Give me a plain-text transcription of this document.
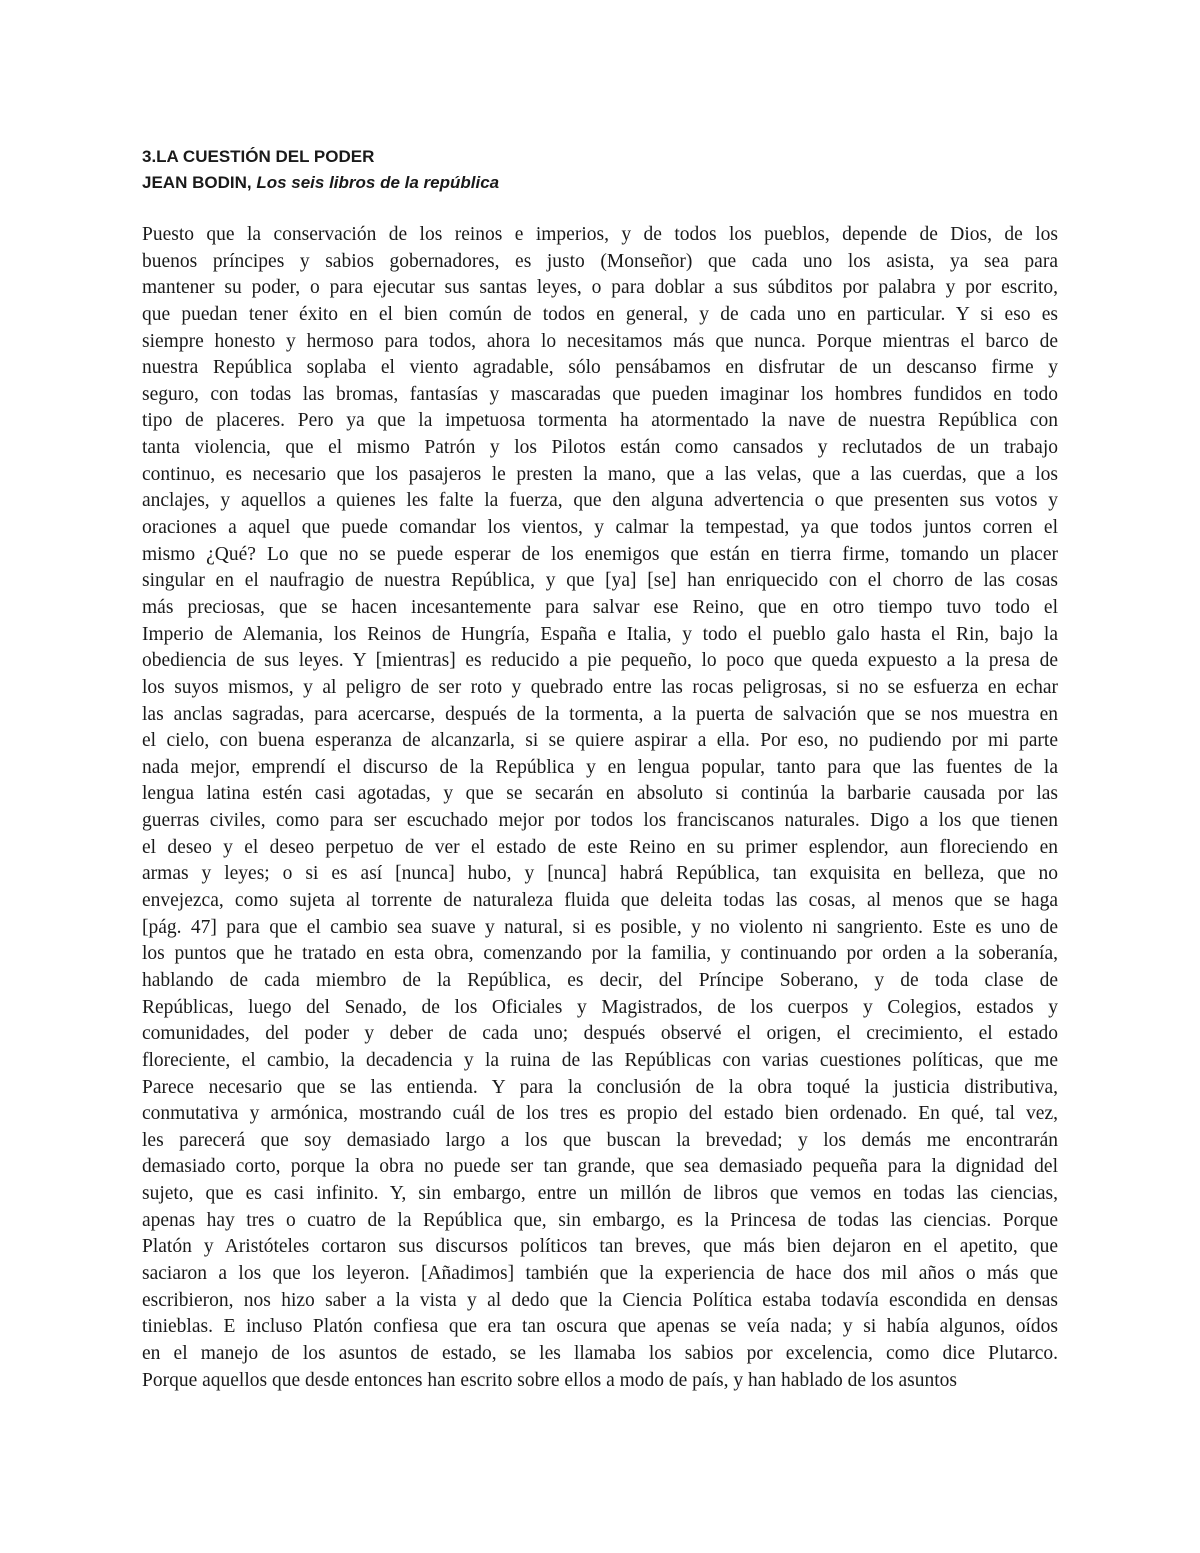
3.LA CUESTIÓN DEL PODER

JEAN BODIN, Los seis libros de la república

Puesto que la conservación de los reinos e imperios, y de todos los pueblos, depende de Dios, de los
buenos príncipes y sabios gobernadores, es justo (Monseñor) que cada uno los asista, ya sea para
mantener su poder, o para ejecutar sus santas leyes, o para doblar a sus súbditos por palabra y por escrito,
que puedan tener éxito en el bien común de todos en general, y de cada uno en particular. Y si eso es
siempre honesto y hermoso para todos, ahora lo necesitamos más que nunca. Porque mientras el barco de
nuestra República soplaba el viento agradable, sólo pensábamos en disfrutar de un descanso firme y
seguro, con todas las bromas, fantasías y mascaradas que pueden imaginar los hombres fundidos en todo
tipo de placeres. Pero ya que la impetuosa tormenta ha atormentado la nave de nuestra República con
tanta violencia, que el mismo Patrón y los Pilotos están como cansados y reclutados de un trabajo
continuo, es necesario que los pasajeros le presten la mano, que a las velas, que a las cuerdas, que a los
anclajes, y aquellos a quienes les falte la fuerza, que den alguna advertencia o que presenten sus votos y
oraciones a aquel que puede comandar los vientos, y calmar la tempestad, ya que todos juntos corren el
mismo ¿Qué? Lo que no se puede esperar de los enemigos que están en tierra firme, tomando un placer
singular en el naufragio de nuestra República, y que [ya] [se] han enriquecido con el chorro de las cosas
más preciosas, que se hacen incesantemente para salvar ese Reino, que en otro tiempo tuvo todo el
Imperio de Alemania, los Reinos de Hungría, España e Italia, y todo el pueblo galo hasta el Rin, bajo la
obediencia de sus leyes. Y [mientras] es reducido a pie pequeño, lo poco que queda expuesto a la presa de
los suyos mismos, y al peligro de ser roto y quebrado entre las rocas peligrosas, si no se esfuerza en echar
las anclas sagradas, para acercarse, después de la tormenta, a la puerta de salvación que se nos muestra en
el cielo, con buena esperanza de alcanzarla, si se quiere aspirar a ella. Por eso, no pudiendo por mi parte
nada mejor, emprendí el discurso de la República y en lengua popular, tanto para que las fuentes de la
lengua latina estén casi agotadas, y que se secarán en absoluto si continúa la barbarie causada por las
guerras civiles, como para ser escuchado mejor por todos los franciscanos naturales. Digo a los que tienen
el deseo y el deseo perpetuo de ver el estado de este Reino en su primer esplendor, aun floreciendo en
armas y leyes; o si es así [nunca] hubo, y [nunca] habrá República, tan exquisita en belleza, que no
envejezca, como sujeta al torrente de naturaleza fluida que deleita todas las cosas, al menos que se haga
[pág. 47] para que el cambio sea suave y natural, si es posible, y no violento ni sangriento. Este es uno de
los puntos que he tratado en esta obra, comenzando por la familia, y continuando por orden a la soberanía,
hablando de cada miembro de la República, es decir, del Príncipe Soberano, y de toda clase de
Repúblicas, luego del Senado, de los Oficiales y Magistrados, de los cuerpos y Colegios, estados y
comunidades, del poder y deber de cada uno; después observé el origen, el crecimiento, el estado
floreciente, el cambio, la decadencia y la ruina de las Repúblicas con varias cuestiones políticas, que me
Parece necesario que se las entienda. Y para la conclusión de la obra toqué la justicia distributiva,
conmutativa y armónica, mostrando cuál de los tres es propio del estado bien ordenado. En qué, tal vez,
les parecerá que soy demasiado largo a los que buscan la brevedad; y los demás me encontrarán
demasiado corto, porque la obra no puede ser tan grande, que sea demasiado pequeña para la dignidad del
sujeto, que es casi infinito. Y, sin embargo, entre un millón de libros que vemos en todas las ciencias,
apenas hay tres o cuatro de la República que, sin embargo, es la Princesa de todas las ciencias. Porque
Platón y Aristóteles cortaron sus discursos políticos tan breves, que más bien dejaron en el apetito, que
saciaron a los que los leyeron. [Añadimos] también que la experiencia de hace dos mil años o más que
escribieron, nos hizo saber a la vista y al dedo que la Ciencia Política estaba todavía escondida en densas
tinieblas. E incluso Platón confiesa que era tan oscura que apenas se veía nada; y si había algunos, oídos
en el manejo de los asuntos de estado, se les llamaba los sabios por excelencia, como dice Plutarco.
Porque aquellos que desde entonces han escrito sobre ellos a modo de país, y han hablado de los asuntos
